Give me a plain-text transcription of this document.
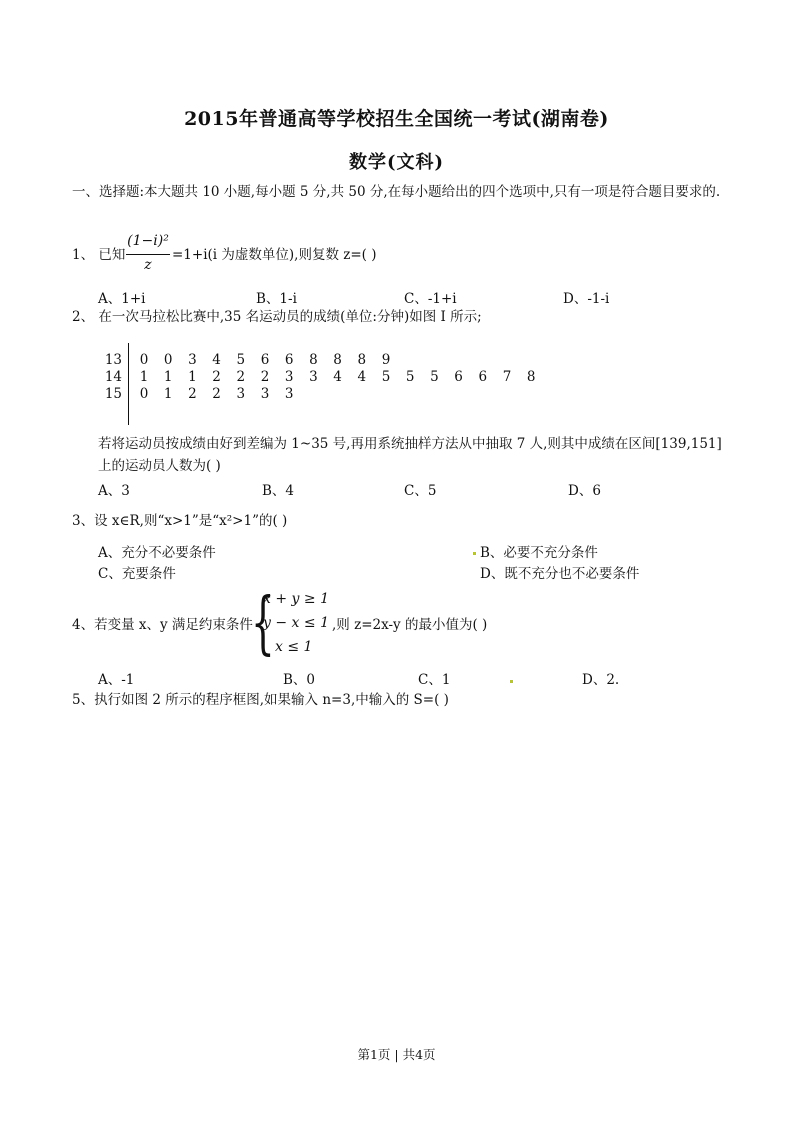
2015年普通高等学校招生全国统一考试(湖南卷)
数学(文科)
一、选择题:本大题共 10 小题,每小题 5 分,共 50 分,在每小题给出的四个选项中,只有一项是符合题目要求的.
1、 已知
(1−i)²
z
=1+i(i 为虚数单位),则复数 z=( )
A、1+i	B、1-i	C、-1+i	D、-1-i
2、 在一次马拉松比赛中,35 名运动员的成绩(单位:分钟)如图 I 所示;
13	0	0	3	4	5	6	6	8	8	8	9
14	1	1	1	2	2	2	3	3	4	4	5	5	5	6	6	7	8
15	0	1	2	2	3	3	3
若将运动员按成绩由好到差编为 1~35 号,再用系统抽样方法从中抽取 7 人,则其中成绩在区间[139,151]
上的运动员人数为( )
A、3	B、4	C、5	D、6
3、设 x∈R,则“x>1”是“x²>1”的( )
A、充分不必要条件	B、必要不充分条件
C、充要条件	D、既不充分也不必要条件
4、若变量 x、y 满足约束条件
{
x + y ≥ 1
y − x ≤ 1
x ≤ 1
,则 z=2x-y 的最小值为( )
A、-1	B、0	C、1	D、2.
5、执行如图 2 所示的程序框图,如果输入 n=3,中输入的 S=( )
第1页 | 共4页
